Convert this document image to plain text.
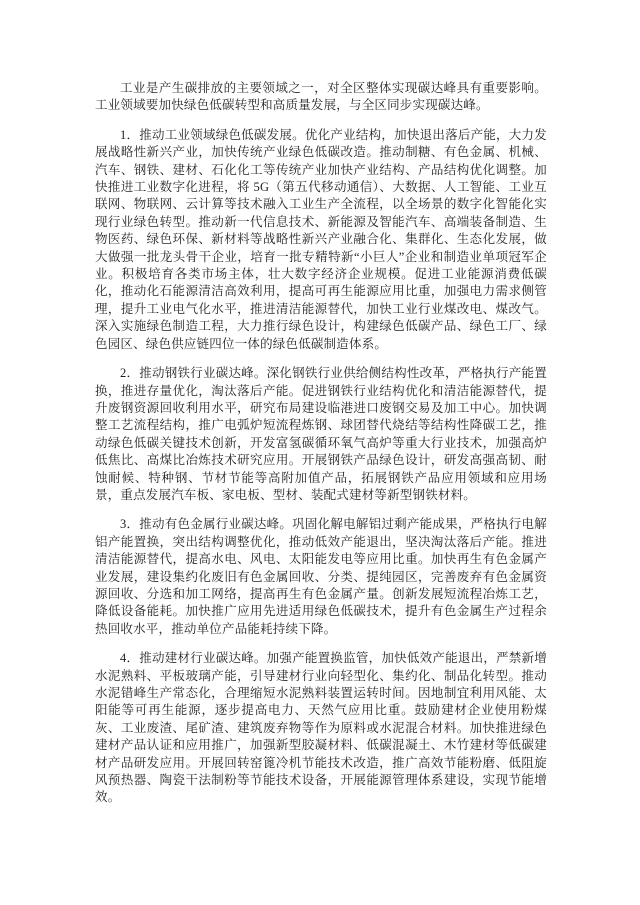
工业是产生碳排放的主要领域之一，对全区整体实现碳达峰具有重要影响。工业领域要加快绿色低碳转型和高质量发展，与全区同步实现碳达峰。

1．推动工业领域绿色低碳发展。优化产业结构，加快退出落后产能，大力发展战略性新兴产业，加快传统产业绿色低碳改造。推动制糖、有色金属、机械、汽车、钢铁、建材、石化化工等传统产业加快产业结构、产品结构优化调整。加快推进工业数字化进程，将 5G（第五代移动通信）、大数据、人工智能、工业互联网、物联网、云计算等技术融入工业生产全流程，以全场景的数字化智能化实现行业绿色转型。推动新一代信息技术、新能源及智能汽车、高端装备制造、生物医药、绿色环保、新材料等战略性新兴产业融合化、集群化、生态化发展，做大做强一批龙头骨干企业，培育一批专精特新“小巨人”企业和制造业单项冠军企业。积极培育各类市场主体，壮大数字经济企业规模。促进工业能源消费低碳化，推动化石能源清洁高效利用，提高可再生能源应用比重，加强电力需求侧管理，提升工业电气化水平，推进清洁能源替代，加快工业行业煤改电、煤改气。深入实施绿色制造工程，大力推行绿色设计，构建绿色低碳产品、绿色工厂、绿色园区、绿色供应链四位一体的绿色低碳制造体系。

2．推动钢铁行业碳达峰。深化钢铁行业供给侧结构性改革，严格执行产能置换，推进存量优化，淘汰落后产能。促进钢铁行业结构优化和清洁能源替代，提升废钢资源回收利用水平，研究布局建设临港进口废钢交易及加工中心。加快调整工艺流程结构，推广电弧炉短流程炼钢、球团替代烧结等结构性降碳工艺，推动绿色低碳关键技术创新，开发富氢碳循环氧气高炉等重大行业技术，加强高炉低焦比、高煤比冶炼技术研究应用。开展钢铁产品绿色设计，研发高强高韧、耐蚀耐候、特种钢、节材节能等高附加值产品，拓展钢铁产品应用领域和应用场景，重点发展汽车板、家电板、型材、装配式建材等新型钢铁材料。

3．推动有色金属行业碳达峰。巩固化解电解铝过剩产能成果，严格执行电解铝产能置换，突出结构调整优化，推动低效产能退出，坚决淘汰落后产能。推进清洁能源替代，提高水电、风电、太阳能发电等应用比重。加快再生有色金属产业发展，建设集约化废旧有色金属回收、分类、提纯园区，完善废弃有色金属资源回收、分选和加工网络，提高再生有色金属产量。创新发展短流程冶炼工艺，降低设备能耗。加快推广应用先进适用绿色低碳技术，提升有色金属生产过程余热回收水平，推动单位产品能耗持续下降。

4．推动建材行业碳达峰。加强产能置换监管，加快低效产能退出，严禁新增水泥熟料、平板玻璃产能，引导建材行业向轻型化、集约化、制品化转型。推动水泥错峰生产常态化，合理缩短水泥熟料装置运转时间。因地制宜利用风能、太阳能等可再生能源，逐步提高电力、天然气应用比重。鼓励建材企业使用粉煤灰、工业废渣、尾矿渣、建筑废弃物等作为原料或水泥混合材料。加快推进绿色建材产品认证和应用推广，加强新型胶凝材料、低碳混凝土、木竹建材等低碳建材产品研发应用。开展回转窑篦冷机节能技术改造，推广高效节能粉磨、低阻旋风预热器、陶瓷干法制粉等节能技术设备，开展能源管理体系建设，实现节能增效。
